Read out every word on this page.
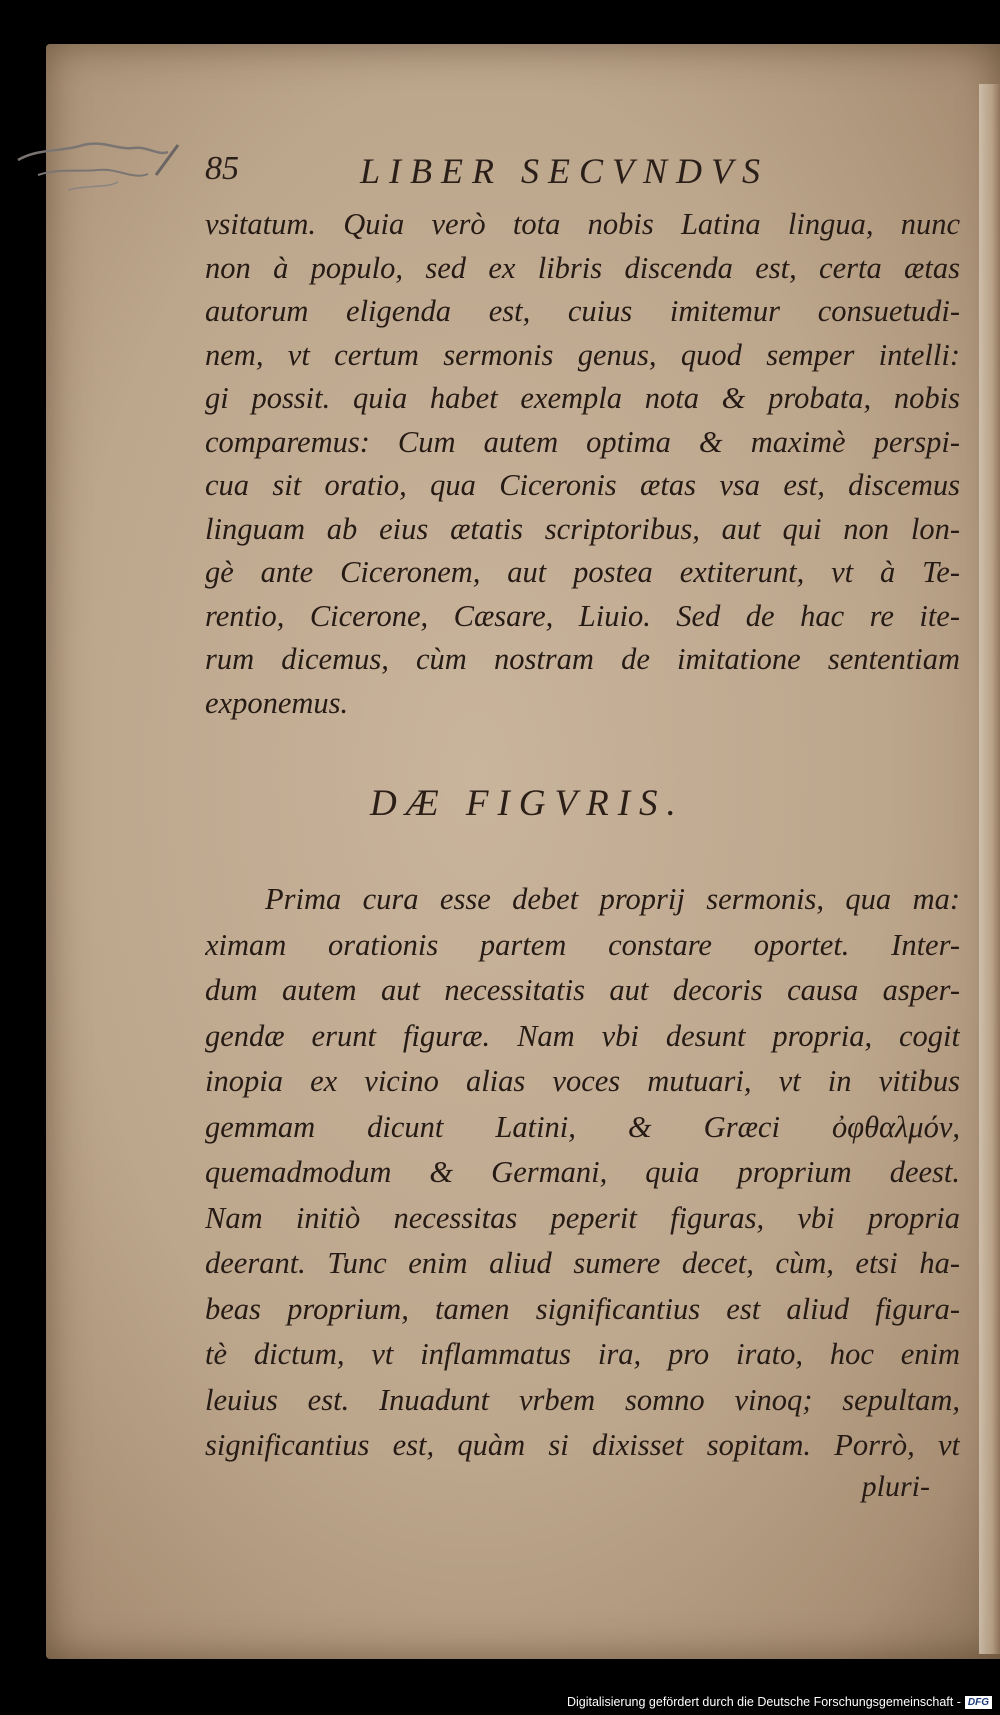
85	LIBER SECVNDVS
vsitatum. Quia verò tota nobis Latina lingua, nunc
non à populo, sed ex libris discenda est, certa ætas
autorum eligenda est, cuius imitemur consuetudi-
nem, vt certum sermonis genus, quod semper intelli:
gi possit. quia habet exempla nota & probata, nobis
comparemus: Cum autem optima & maximè perspi-
cua sit oratio, qua Ciceronis ætas vsa est, discemus
linguam ab eius ætatis scriptoribus, aut qui non lon-
gè ante Ciceronem, aut postea extiterunt, vt à Te-
rentio, Cicerone, Cæsare, Liuio. Sed de hac re ite-
rum dicemus, cùm nostram de imitatione sententiam
exponemus.
DÆ FIGVRIS.
Prima cura esse debet proprij sermonis, qua ma:
ximam orationis partem constare oportet. Inter-
dum autem aut necessitatis aut decoris causa asper-
gendæ erunt figuræ. Nam vbi desunt propria, cogit
inopia ex vicino alias voces mutuari, vt in vitibus
gemmam dicunt Latini, & Græci ὀφθαλμόν,
quemadmodum & Germani, quia proprium deest.
Nam initiò necessitas peperit figuras, vbi propria
deerant. Tunc enim aliud sumere decet, cùm, etsi ha-
beas proprium, tamen significantius est aliud figura-
tè dictum, vt inflammatus ira, pro irato, hoc enim
leuius est. Inuadunt vrbem somno vinoq; sepultam,
significantius est, quàm si dixisset sopitam. Porrò, vt
pluri-
Digitalisierung gefördert durch die Deutsche Forschungsgemeinschaft - DFG
